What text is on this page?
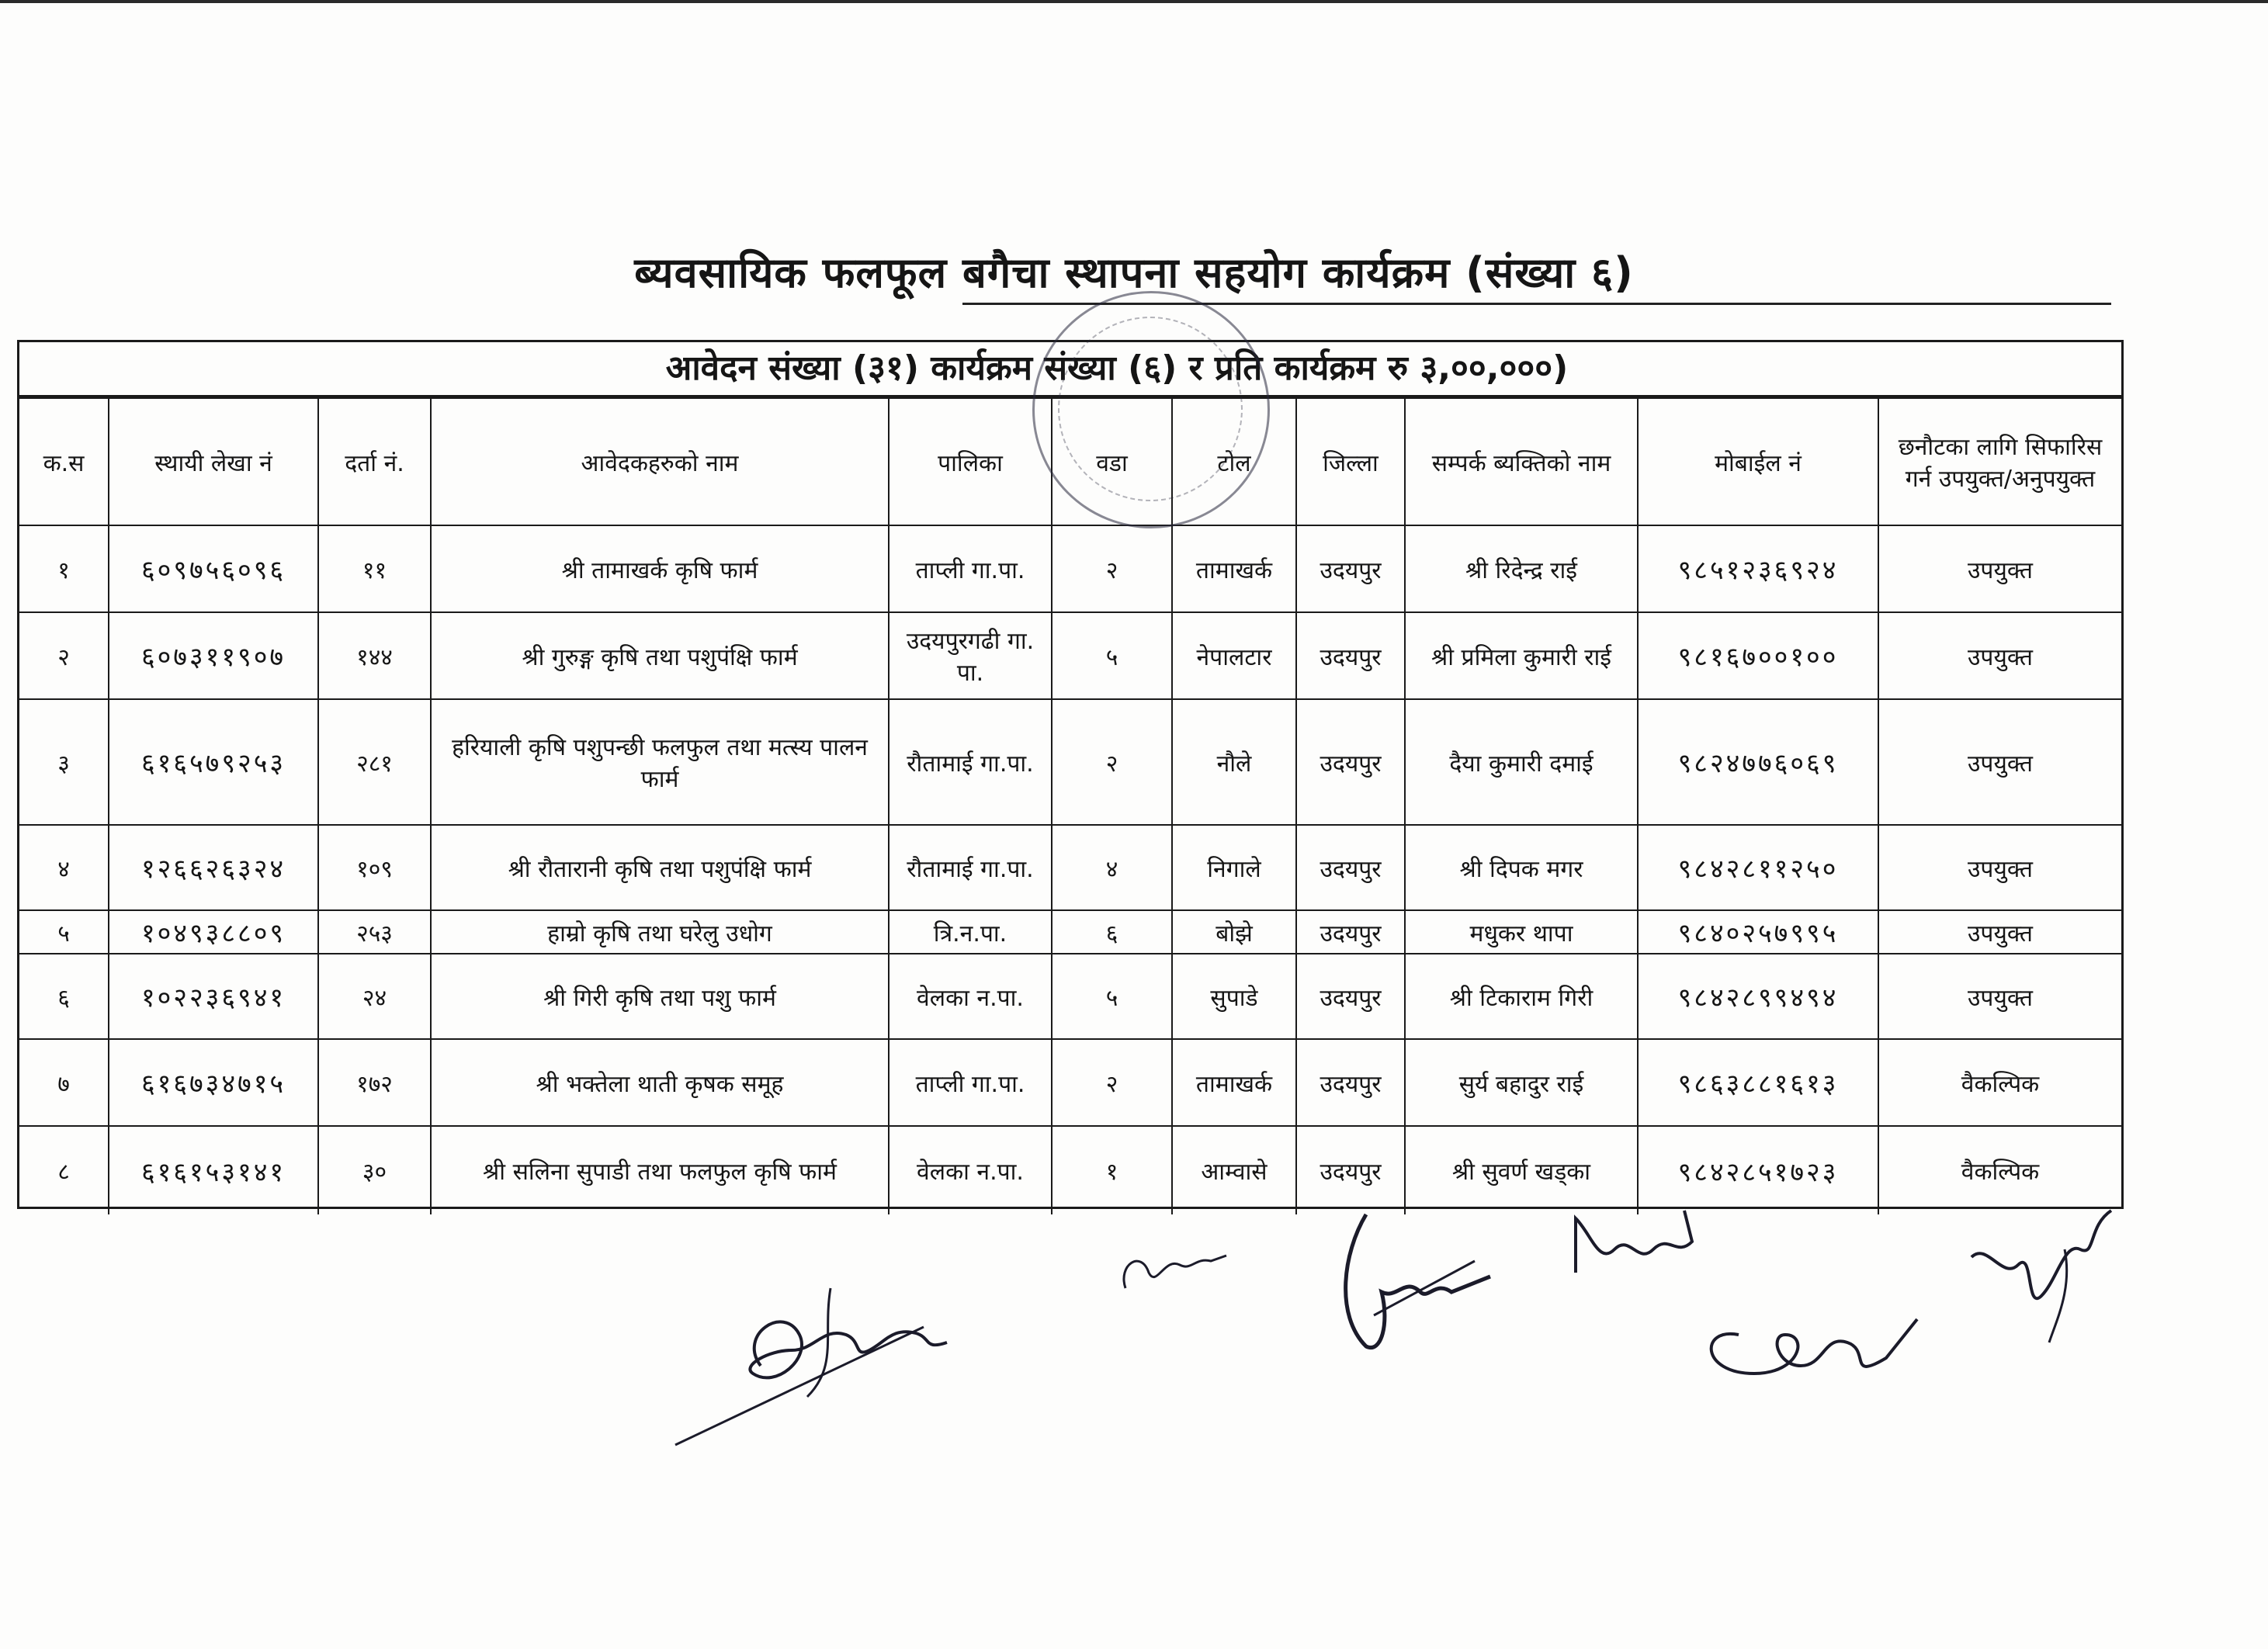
ब्यवसायिक फलफूल बगैचा स्थापना सहयोग कार्यक्रम (संख्या ६)
आवेदन संख्या (३१) कार्यक्रम संख्या (६) र प्रति कार्यक्रम रु ३,००,०००)
क.स	स्थायी लेखा नं	दर्ता नं.	आवेदकहरुको नाम	पालिका	वडा	टोल	जिल्ला	सम्पर्क ब्यक्तिको नाम	मोबाईल नं	छनौटका लागि सिफारिस गर्न उपयुक्त/अनुपयुक्त
१	६०९७५६०९६	११	श्री तामाखर्क कृषि फार्म	ताप्ली गा.पा.	२	तामाखर्क	उदयपुर	श्री रिदेन्द्र राई	९८५१२३६९२४	उपयुक्त
२	६०७३११९०७	१४४	श्री गुरुङ्ग कृषि तथा पशुपंक्षि फार्म	उदयपुरगढी गा. पा.	५	नेपालटार	उदयपुर	श्री प्रमिला कुमारी राई	९८१६७००१००	उपयुक्त
३	६१६५७९२५३	२८१	हरियाली कृषि पशुपन्छी फलफुल तथा मत्स्य पालन फार्म	रौतामाई गा.पा.	२	नौले	उदयपुर	दैया कुमारी दमाई	९८२४७७६०६९	उपयुक्त
४	१२६६२६३२४	१०९	श्री रौतारानी कृषि तथा पशुपंक्षि फार्म	रौतामाई गा.पा.	४	निगाले	उदयपुर	श्री दिपक मगर	९८४२८११२५०	उपयुक्त
५	१०४९३८८०९	२५३	हाम्रो कृषि तथा घरेलु उधोग	त्रि.न.पा.	६	बोझे	उदयपुर	मधुकर थापा	९८४०२५७९९५	उपयुक्त
६	१०२२३६९४१	२४	श्री गिरी कृषि तथा पशु फार्म	वेलका न.पा.	५	सुपाडे	उदयपुर	श्री टिकाराम गिरी	९८४२८९९४९४	उपयुक्त
७	६१६७३४७१५	१७२	श्री भक्तेला थाती कृषक समूह	ताप्ली गा.पा.	२	तामाखर्क	उदयपुर	सुर्य बहादुर राई	९८६३८८१६१३	वैकल्पिक
८	६१६१५३१४१	३०	श्री सलिना सुपाडी तथा फलफुल कृषि फार्म	वेलका न.पा.	१	आम्वासे	उदयपुर	श्री सुवर्ण खड्का	९८४२८५१७२३	वैकल्पिक
